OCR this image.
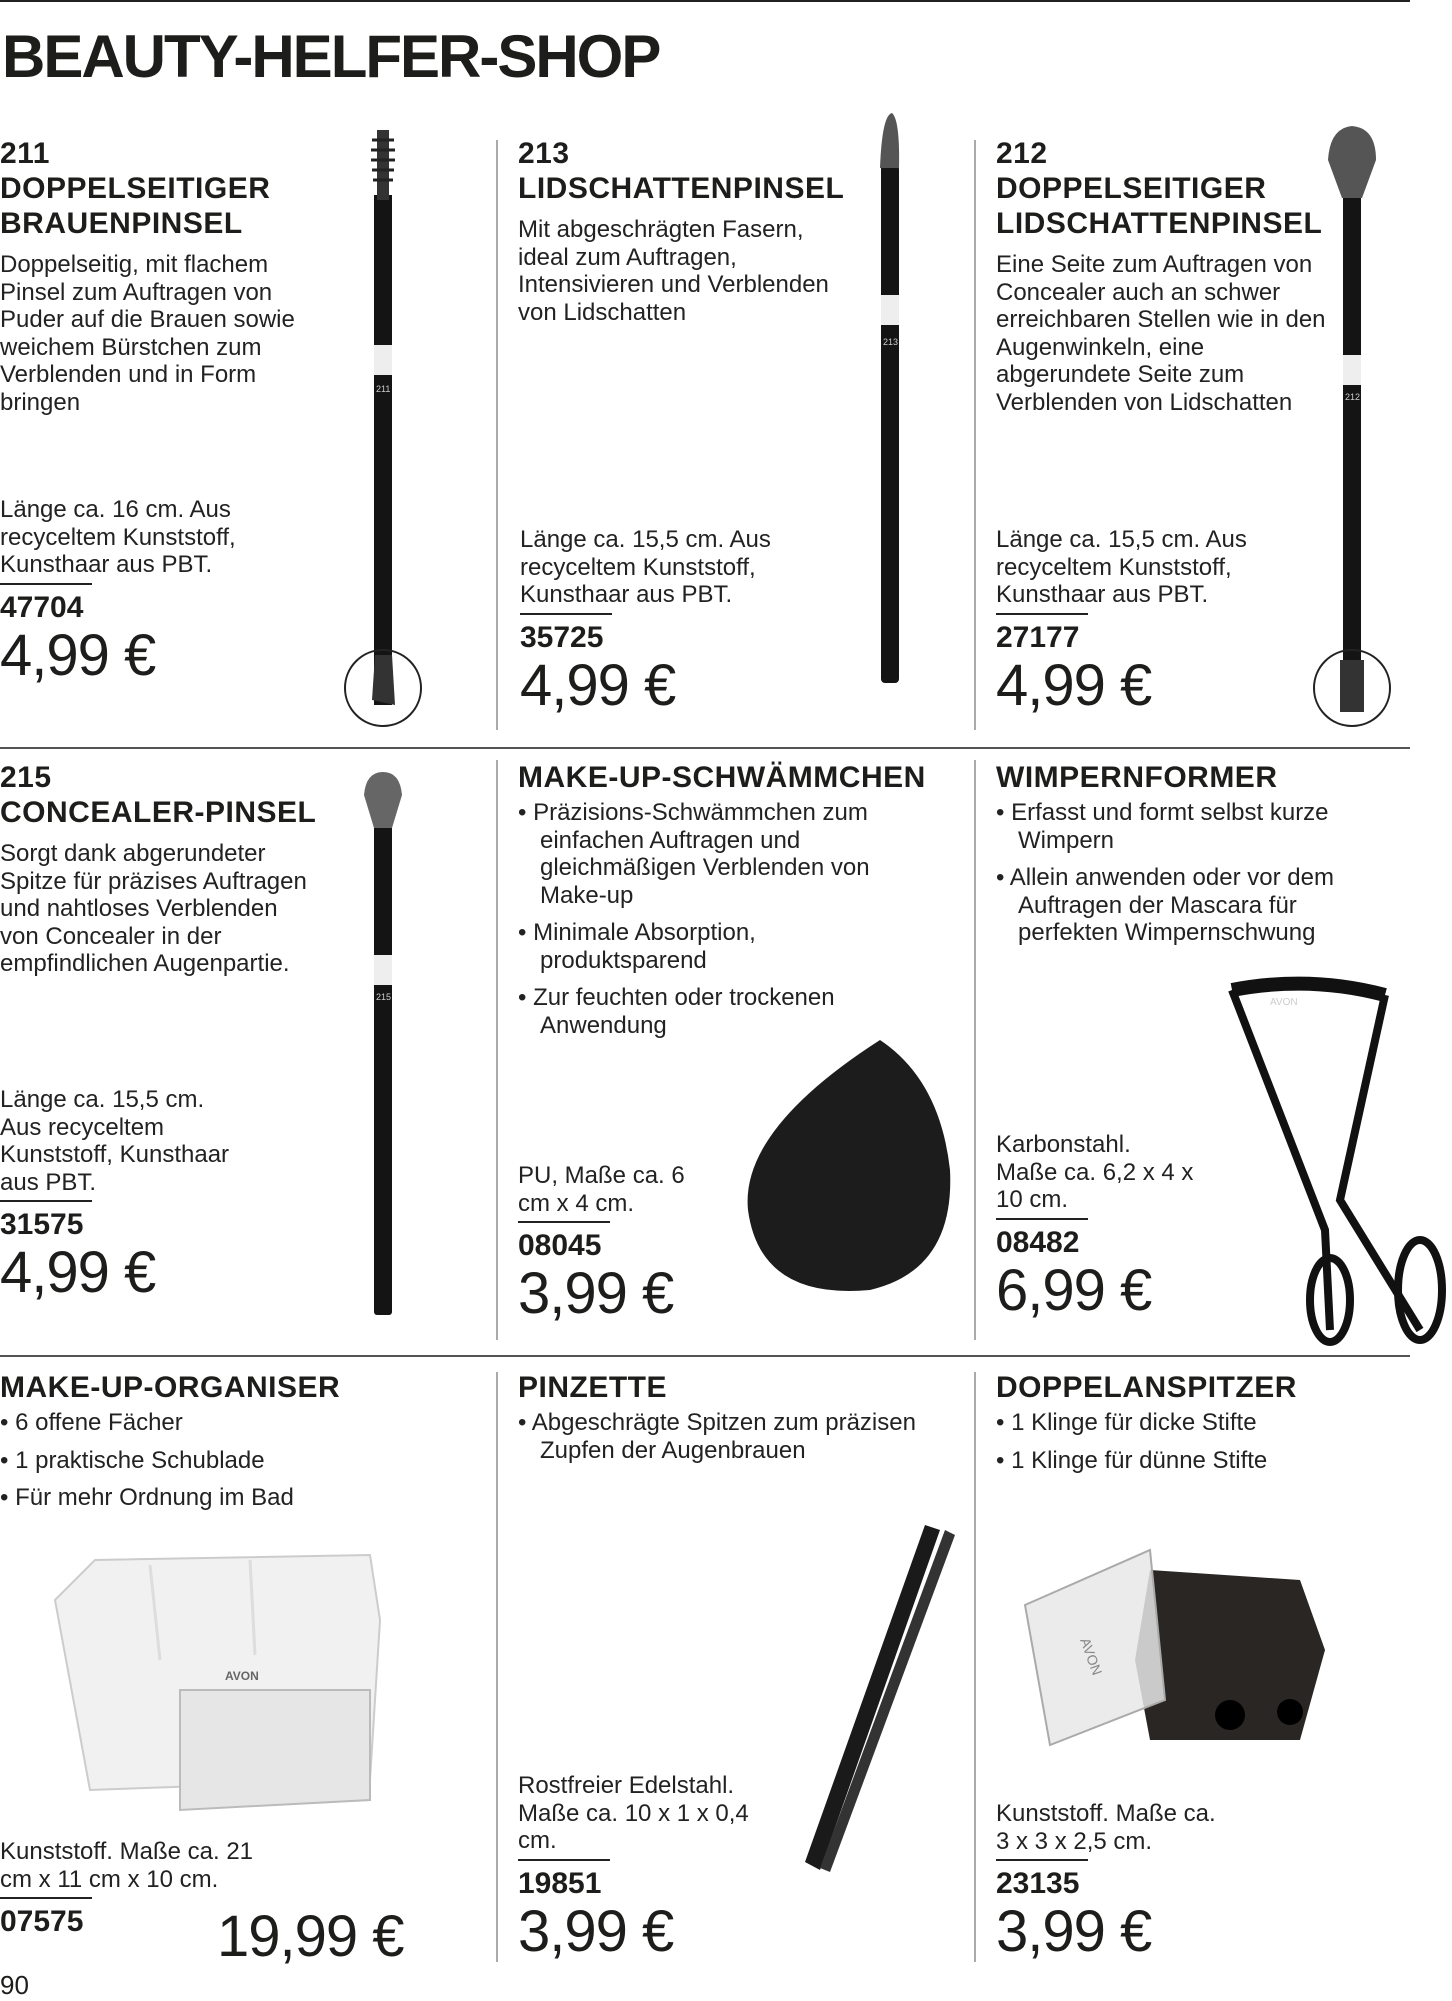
BEAUTY-HELFER-SHOP
211
213
212
215	AVON
AVON	AVON
211
DOPPELSEITIGER
BRAUENPINSEL
Doppelseitig, mit flachem Pinsel zum Auftragen von Puder auf die Brauen sowie weichem Bürstchen zum Verblenden und in Form bringen
Länge ca. 16 cm. Aus recyceltem Kunststoff, Kunsthaar aus PBT.
47704
4,99 €
213
LIDSCHATTENPINSEL
Mit abgeschrägten Fasern, ideal zum Auftragen, Intensivieren und Verblenden von Lidschatten
Länge ca. 15,5 cm. Aus recyceltem Kunststoff, Kunsthaar aus PBT.
35725
4,99 €
212
DOPPELSEITIGER
LIDSCHATTENPINSEL
Eine Seite zum Auftragen von Concealer auch an schwer erreichbaren Stellen wie in den Augenwinkeln, eine abgerundete Seite zum Verblenden von Lidschatten
Länge ca. 15,5 cm. Aus recyceltem Kunststoff, Kunsthaar aus PBT.
27177
4,99 €
215
CONCEALER-PINSEL
Sorgt dank abgerundeter Spitze für präzises Auftragen und nahtloses Verblenden von Concealer in der empfindlichen Augenpartie.
Länge ca. 15,5 cm. Aus recyceltem Kunststoff, Kunsthaar aus PBT.
31575
4,99 €
MAKE-UP-SCHWÄMMCHEN
• Präzisions-Schwämmchen zum einfachen Auftragen und gleichmäßigen Verblenden von Make-up
• Minimale Absorption, produktsparend
• Zur feuchten oder trockenen Anwendung
PU, Maße ca. 6 cm x 4 cm.
08045
3,99 €
WIMPERNFORMER
• Erfasst und formt selbst kurze Wimpern
• Allein anwenden oder vor dem Auftragen der Mascara für perfekten Wimpernschwung
Karbonstahl. Maße ca. 6,2 x 4 x 10 cm.
08482
6,99 €
MAKE-UP-ORGANISER
• 6 offene Fächer
• 1 praktische Schublade
• Für mehr Ordnung im Bad
Kunststoff. Maße ca. 21 cm x 11 cm x 10 cm.
07575	19,99 €
PINZETTE
• Abgeschrägte Spitzen zum präzisen Zupfen der Augenbrauen
Rostfreier Edelstahl. Maße ca. 10 x 1 x 0,4 cm.
19851
3,99 €
DOPPELANSPITZER
• 1 Klinge für dicke Stifte
• 1 Klinge für dünne Stifte
Kunststoff. Maße ca. 3 x 3 x 2,5 cm.
23135
3,99 €
90
